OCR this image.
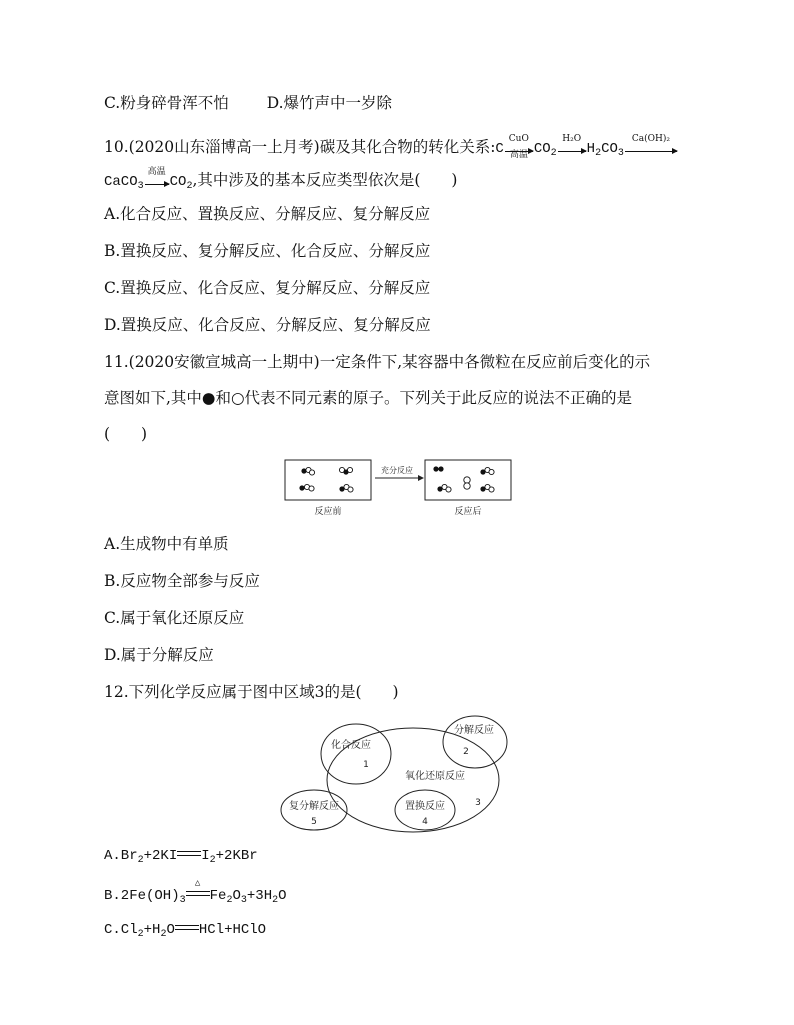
C.粉身碎骨浑不怕 D.爆竹声中一岁除
10.(2020山东淄博高一上月考)碳及其化合物的转化关系:C
CuO
高温 $CO_2$
H₂O
$H_2CO_3$
Ca(OH)₂
CaCO$_3$
高温
$CO_2$,其中涉及的基本反应类型依次是(　　)
A.化合反应、置换反应、分解反应、复分解反应
B.置换反应、复分解反应、化合反应、分解反应
C.置换反应、化合反应、复分解反应、分解反应
D.置换反应、化合反应、分解反应、复分解反应
11.(2020安徽宣城高一上期中)一定条件下,某容器中各微粒在反应前后变化的示
意图如下,其中●和○代表不同元素的原子。下列关于此反应的说法不正确的是
(　　)
充分反应
反应前	反应后
A.生成物中有单质
B.反应物全部参与反应
C.属于氧化还原反应
D.属于分解反应
12.下列化学反应属于图中区域3的是(　　)
化合反应
1
分解反应
2
氧化还原反应
3
复分解反应
5
置换反应
4
$A.Br_2+2KI$ $I_2+2KBr$
$B.2Fe(OH)_3$
△
$Fe_2O_3+3H_2O$
$C.Cl_2+H_2O$ HCl+HClO
